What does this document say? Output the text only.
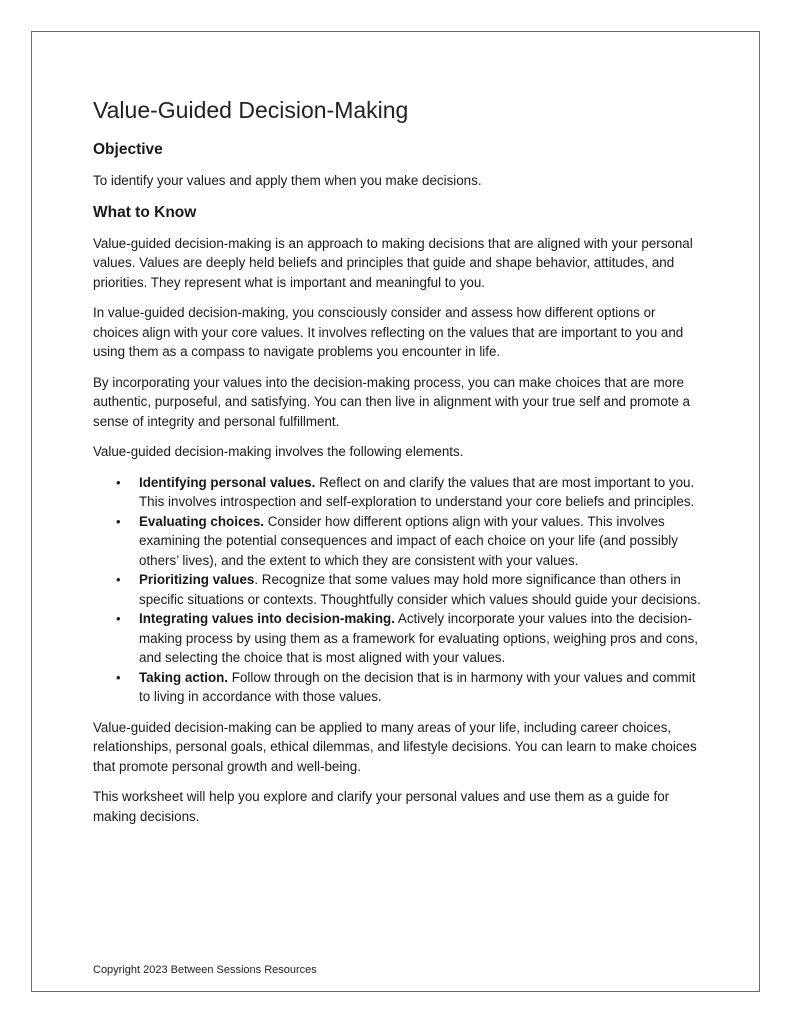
Value-Guided Decision-Making
Objective

To identify your values and apply them when you make decisions.

What to Know

Value-guided decision-making is an approach to making decisions that are aligned with your personal values. Values are deeply held beliefs and principles that guide and shape behavior, attitudes, and priorities. They represent what is important and meaningful to you.

In value-guided decision-making, you consciously consider and assess how different options or choices align with your core values. It involves reflecting on the values that are important to you and using them as a compass to navigate problems you encounter in life.

By incorporating your values into the decision-making process, you can make choices that are more authentic, purposeful, and satisfying. You can then live in alignment with your true self and promote a sense of integrity and personal fulfillment.

Value-guided decision-making involves the following elements.

• Identifying personal values. Reflect on and clarify the values that are most important to you. This involves introspection and self-exploration to understand your core beliefs and principles.
• Evaluating choices. Consider how different options align with your values. This involves examining the potential consequences and impact of each choice on your life (and possibly others’ lives), and the extent to which they are consistent with your values.
• Prioritizing values. Recognize that some values may hold more significance than others in specific situations or contexts. Thoughtfully consider which values should guide your decisions.
• Integrating values into decision-making. Actively incorporate your values into the decision-making process by using them as a framework for evaluating options, weighing pros and cons, and selecting the choice that is most aligned with your values.
• Taking action. Follow through on the decision that is in harmony with your values and commit to living in accordance with those values.

Value-guided decision-making can be applied to many areas of your life, including career choices, relationships, personal goals, ethical dilemmas, and lifestyle decisions. You can learn to make choices that promote personal growth and well-being.

This worksheet will help you explore and clarify your personal values and use them as a guide for making decisions.

Copyright 2023 Between Sessions Resources
